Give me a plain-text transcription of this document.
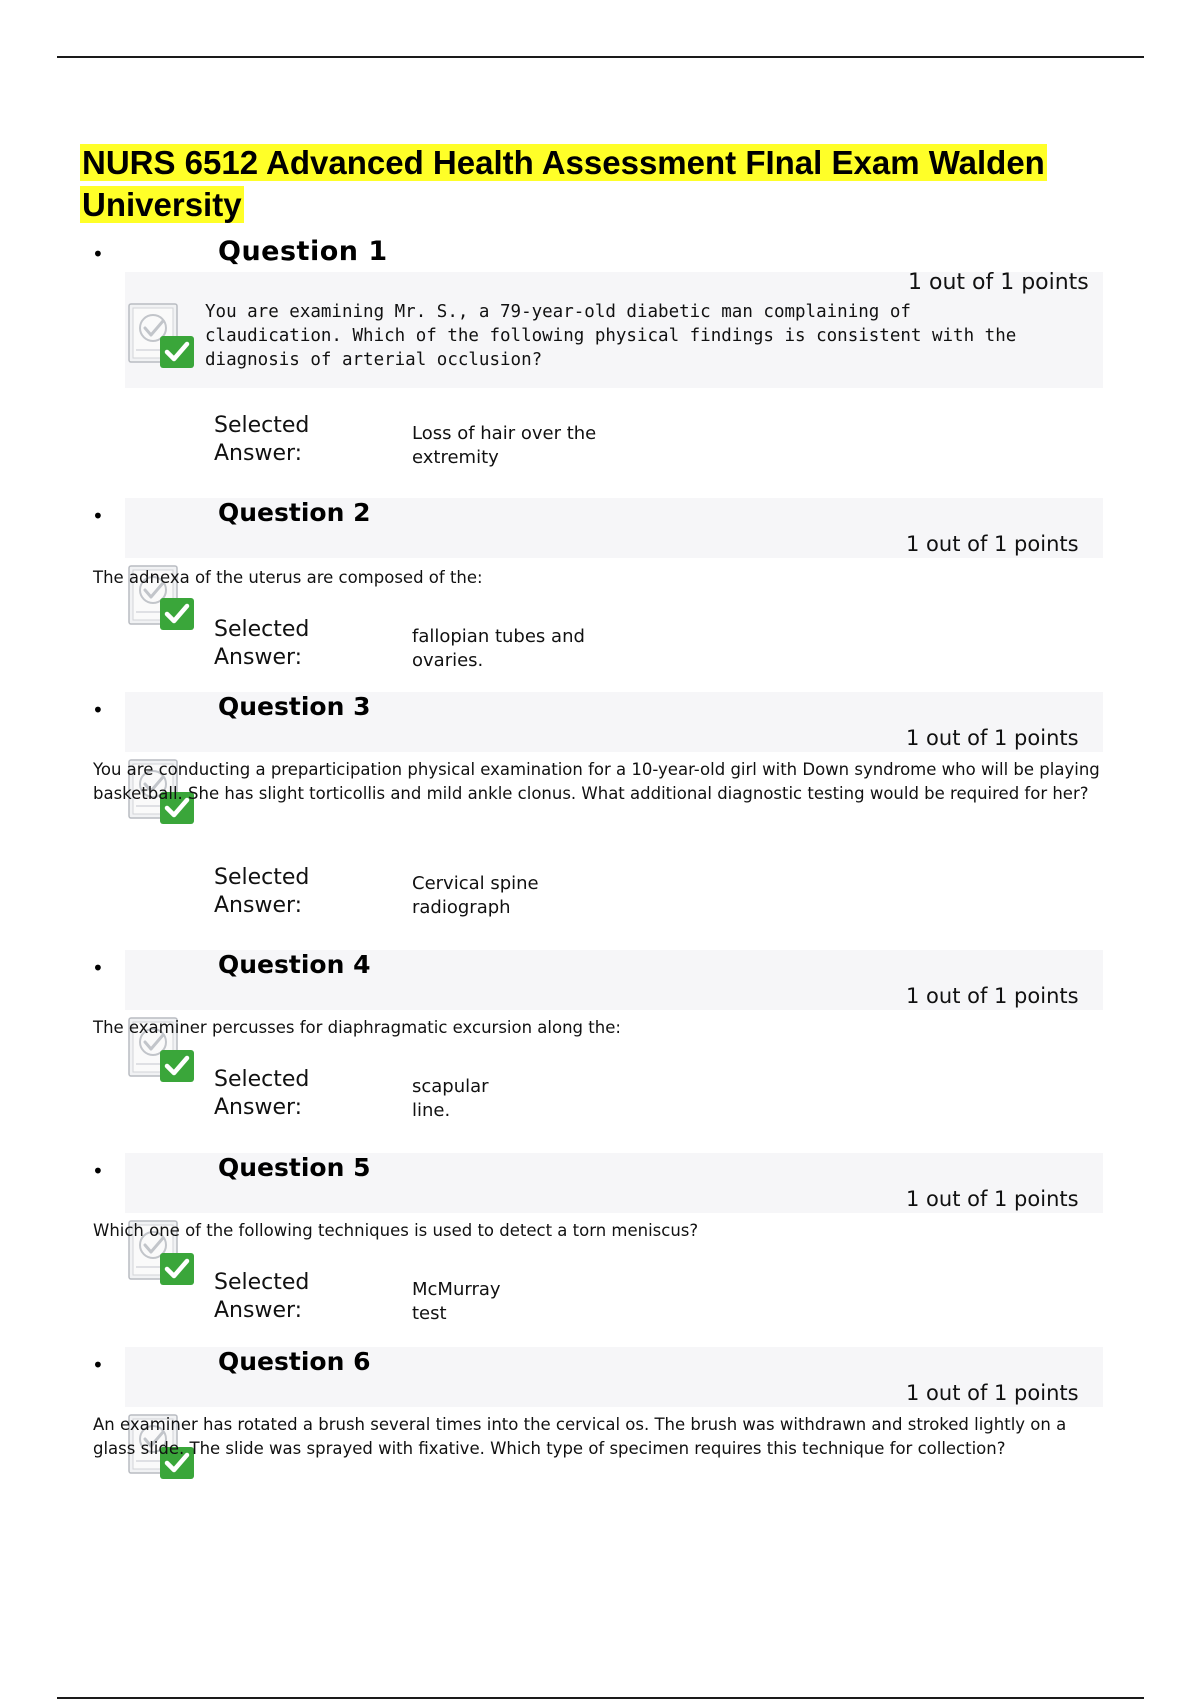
NURS 6512 Advanced Health Assessment FInal Exam Walden University
•	Question 1
1 out of 1 points
You are examining Mr. S., a 79-year-old diabetic man complaining of claudication. Which of the following physical findings is consistent with the diagnosis of arterial occlusion?
Selected Answer:
Loss of hair over the extremity
•	Question 2
1 out of 1 points
The adnexa of the uterus are composed of the:
Selected Answer:
fallopian tubes and ovaries.
•	Question 3
1 out of 1 points
You are conducting a preparticipation physical examination for a 10-year-old girl with Down syndrome who will be playing basketball. She has slight torticollis and mild ankle clonus. What additional diagnostic testing would be required for her?
Selected Answer:
Cervical spine radiograph
•	Question 4
1 out of 1 points
The examiner percusses for diaphragmatic excursion along the:
Selected Answer:
scapular line.
•	Question 5
1 out of 1 points
Which one of the following techniques is used to detect a torn meniscus?
Selected Answer:
McMurray test
•	Question 6
1 out of 1 points
An examiner has rotated a brush several times into the cervical os. The brush was withdrawn and stroked lightly on a glass slide. The slide was sprayed with fixative. Which type of specimen requires this technique for collection?
